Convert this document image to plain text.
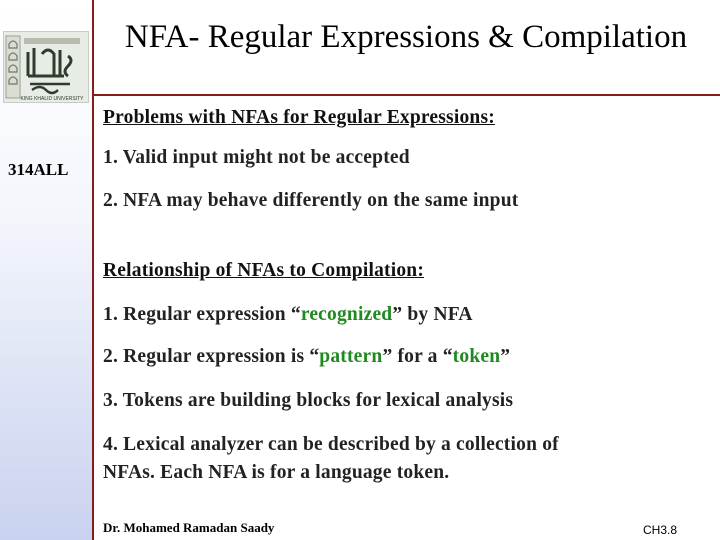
KING KHALID UNIVERSITY
NFA- Regular Expressions & Compilation
314ALL
Problems with NFAs for Regular Expressions:
1. Valid input might not be accepted
2. NFA may behave differently on the same input
Relationship of NFAs to Compilation:
1. Regular expression “recognized” by NFA
2. Regular expression is “pattern” for a “token”
3. Tokens are building blocks for lexical analysis
4. Lexical analyzer can be described by a collection of
NFAs. Each NFA is for a language token.
Dr. Mohamed Ramadan Saady	CH3.8
